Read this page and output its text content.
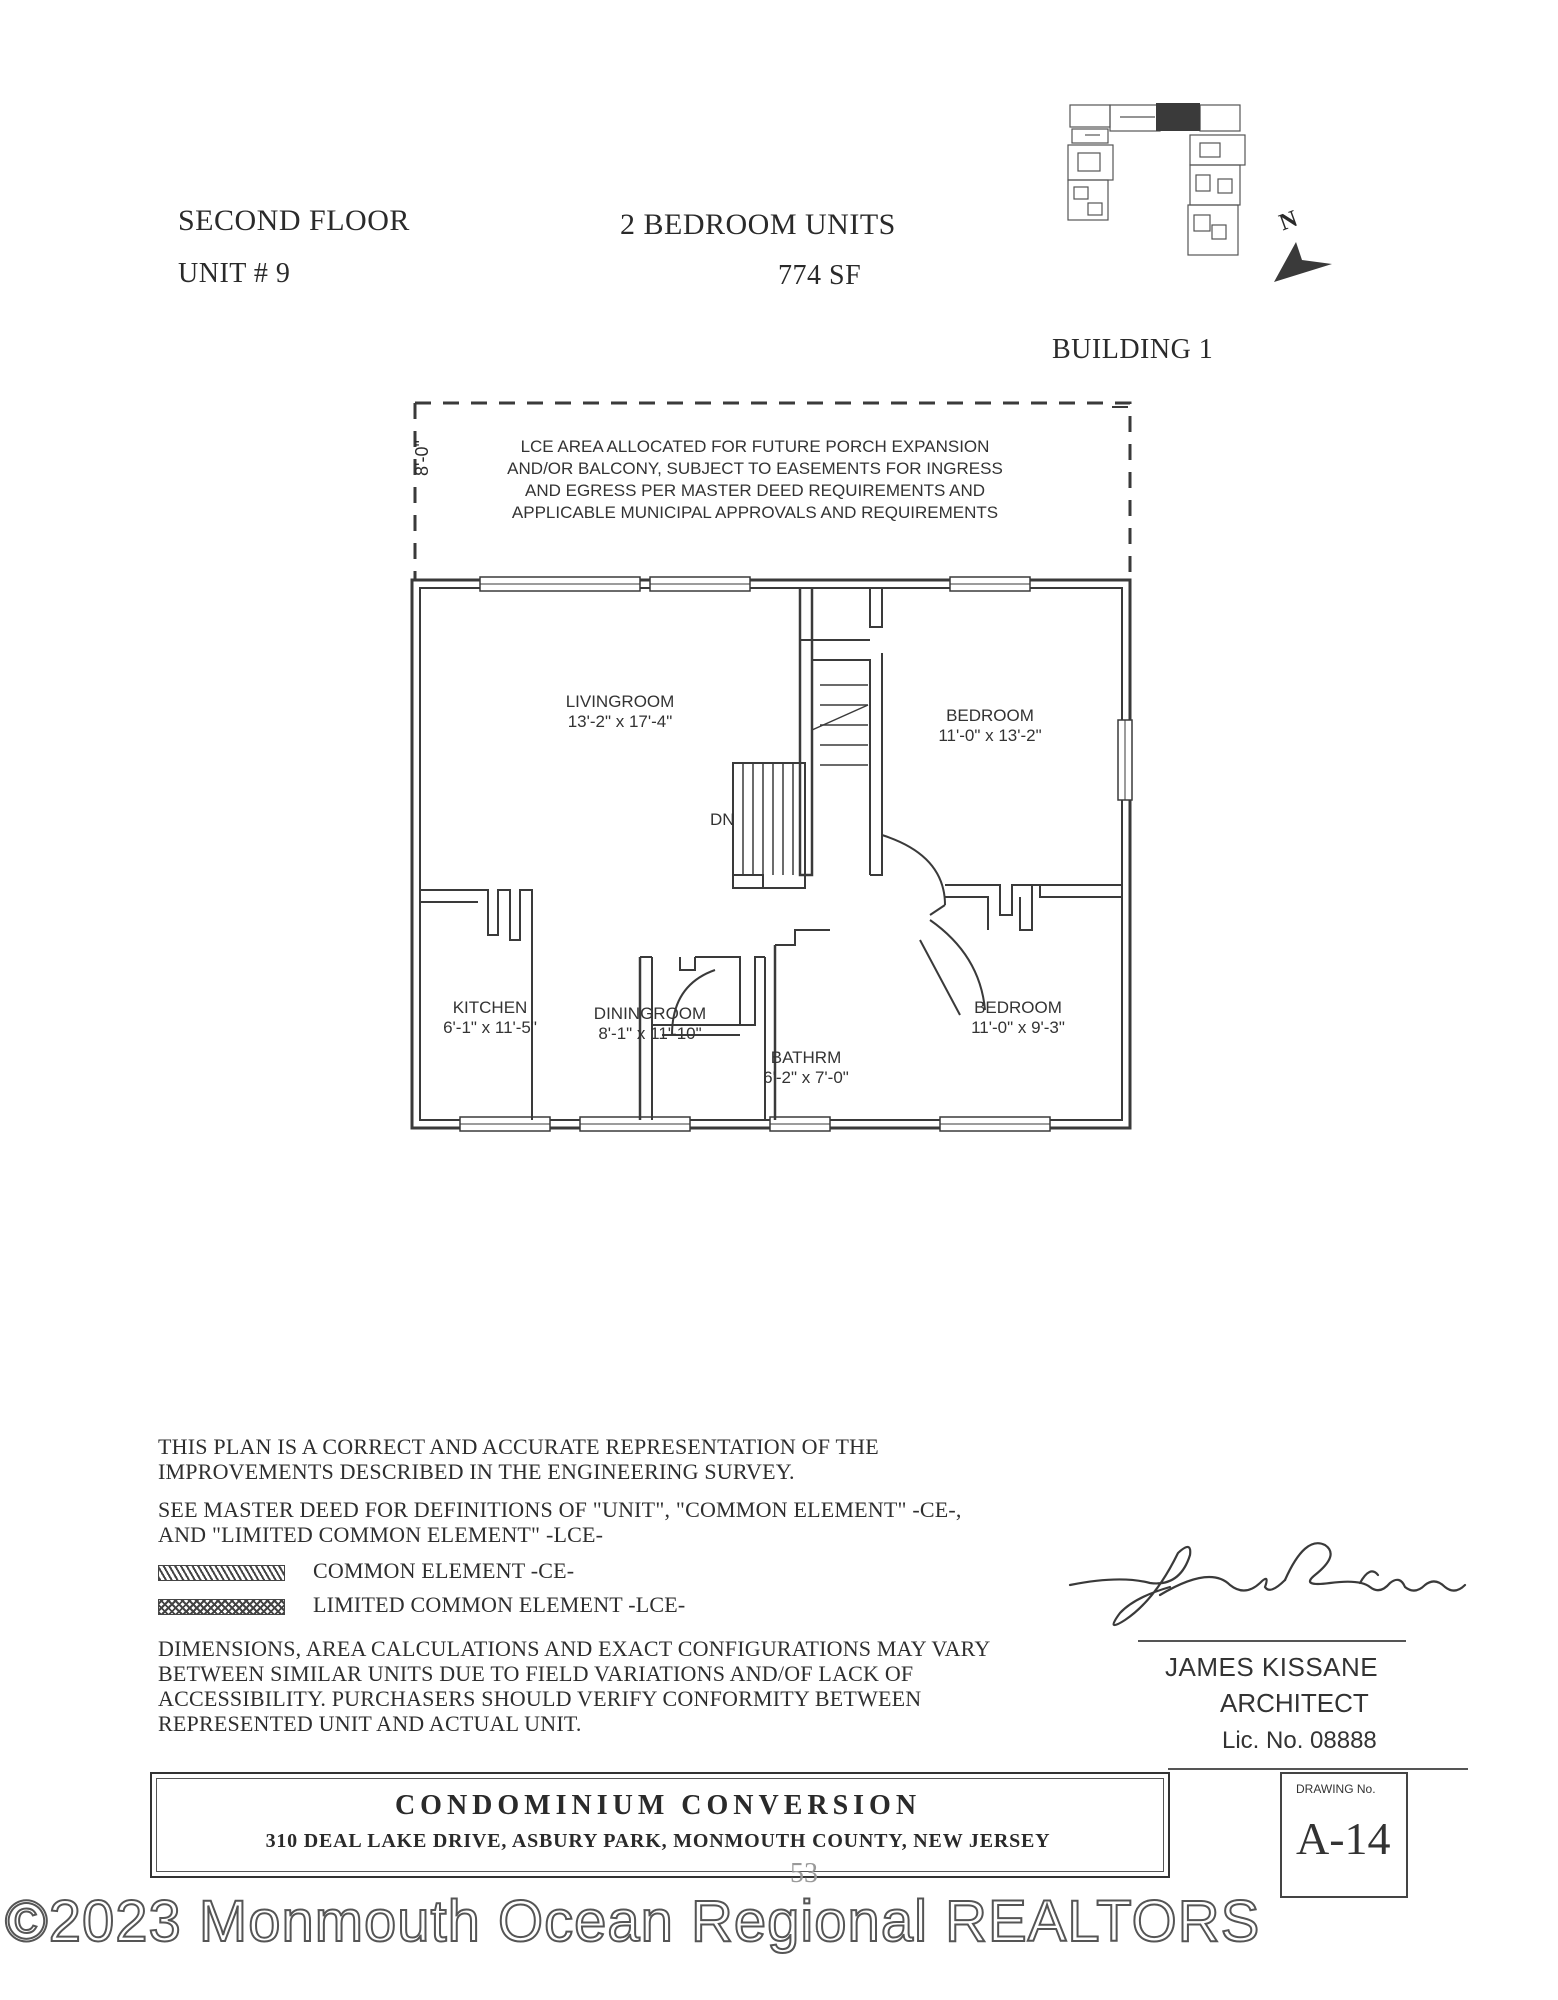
SECOND FLOOR
UNIT # 9
2 BEDROOM UNITS
774 SF
BUILDING 1
N
LCE AREA ALLOCATED FOR FUTURE PORCH EXPANSION
AND/OR BALCONY, SUBJECT TO EASEMENTS FOR INGRESS
AND EGRESS PER MASTER DEED REQUIREMENTS AND
APPLICABLE MUNICIPAL APPROVALS AND REQUIREMENTS
8'-0"
LIVINGROOM
13'-2" x 17'-4"	BEDROOM
11'-0" x 13'-2"
KITCHEN
6'-1" x 11'-5"
DININGROOM
8'-1" x 11'-10"
BATHRM
6'-2" x 7'-0"
BEDROOM
11'-0" x 9'-3"
DN
THIS PLAN IS A CORRECT AND ACCURATE REPRESENTATION OF THE
IMPROVEMENTS DESCRIBED IN THE ENGINEERING SURVEY.
SEE MASTER DEED FOR DEFINITIONS OF "UNIT", "COMMON ELEMENT" -CE-,
AND "LIMITED COMMON ELEMENT" -LCE-
COMMON ELEMENT -CE-
LIMITED COMMON ELEMENT -LCE-
DIMENSIONS, AREA CALCULATIONS AND EXACT CONFIGURATIONS MAY VARY
BETWEEN SIMILAR UNITS DUE TO FIELD VARIATIONS AND/OF LACK OF
ACCESSIBILITY. PURCHASERS SHOULD VERIFY CONFORMITY BETWEEN
REPRESENTED UNIT AND ACTUAL UNIT.
JAMES KISSANE
ARCHITECT
Lic. No. 08888
CONDOMINIUM CONVERSION
310 DEAL LAKE DRIVE, ASBURY PARK, MONMOUTH COUNTY, NEW JERSEY
DRAWING No.
A-14
53
©2023 Monmouth Ocean Regional REALTORS
